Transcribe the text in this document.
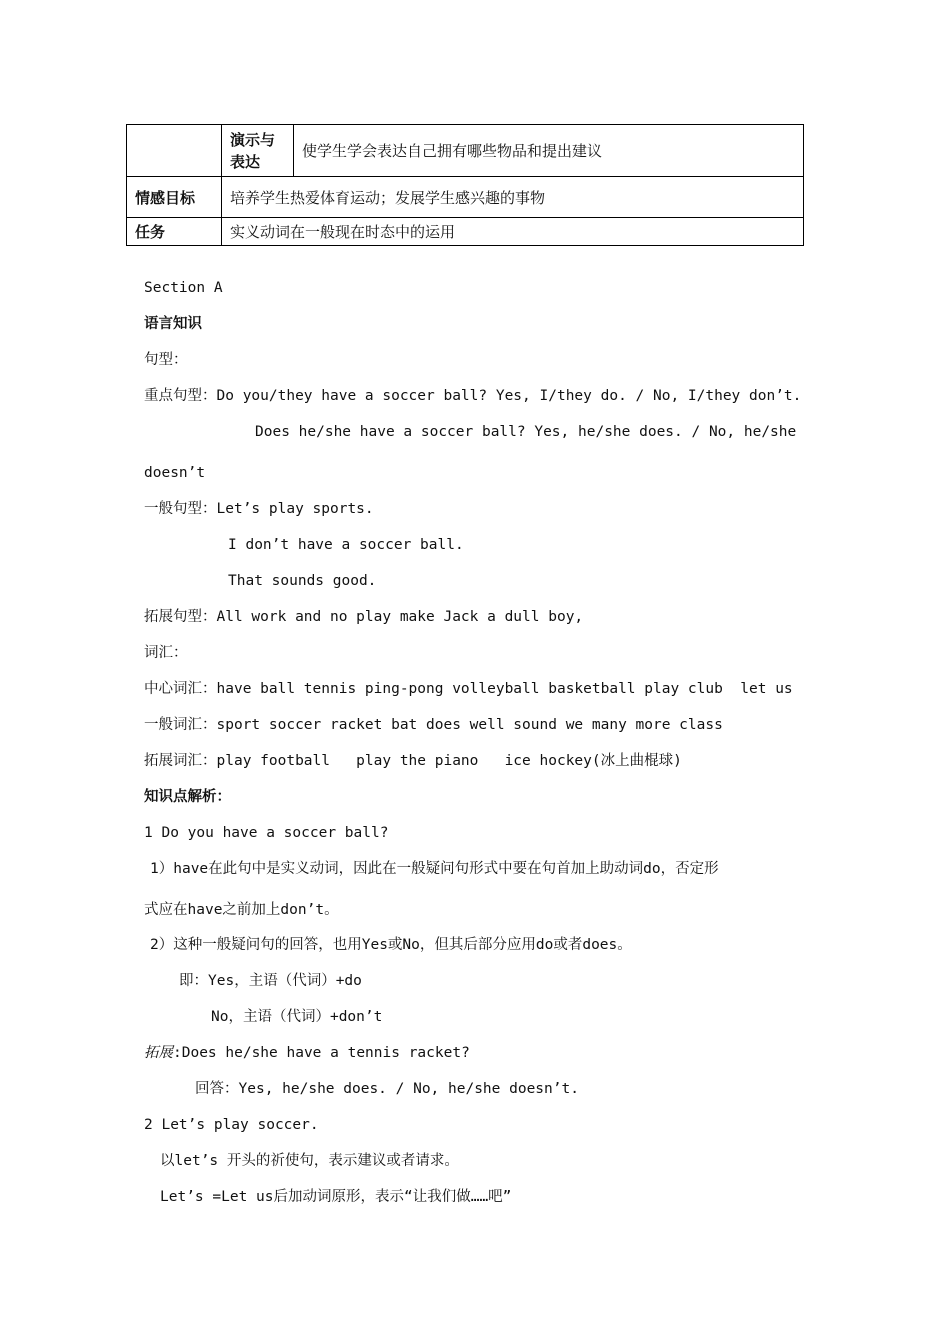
	演示与表达	使学生学会表达自己拥有哪些物品和提出建议
情感目标	培养学生热爱体育运动；发展学生感兴趣的事物	
任务	实义动词在一般现在时态中的运用	
Section A
语言知识
句型：
重点句型：Do you/they have a soccer ball? Yes, I/they do. / No, I/they don’t.
Does he/she have a soccer ball? Yes, he/she does. / No, he/she
doesn’t
一般句型：Let’s play sports.
I don’t have a soccer ball.
That sounds good.
拓展句型：All work and no play make Jack a dull boy,
词汇：
中心词汇：have ball tennis ping-pong volleyball basketball play club  let us
一般词汇：sport soccer racket bat does well sound we many more class
拓展词汇：play football   play the piano   ice hockey(冰上曲棍球)
知识点解析：
1 Do you have a soccer ball?
1）have在此句中是实义动词，因此在一般疑问句形式中要在句首加上助动词do，否定形
式应在have之前加上don’t。
2）这种一般疑问句的回答，也用Yes或No，但其后部分应用do或者does。
即：Yes，主语（代词）+do
No，主语（代词）+don’t
拓展:Does he/she have a tennis racket?
回答：Yes, he/she does. / No, he/she doesn’t.
2 Let’s play soccer.
以let’s 开头的祈使句，表示建议或者请求。
Let’s =Let us后加动词原形，表示“让我们做……吧”
